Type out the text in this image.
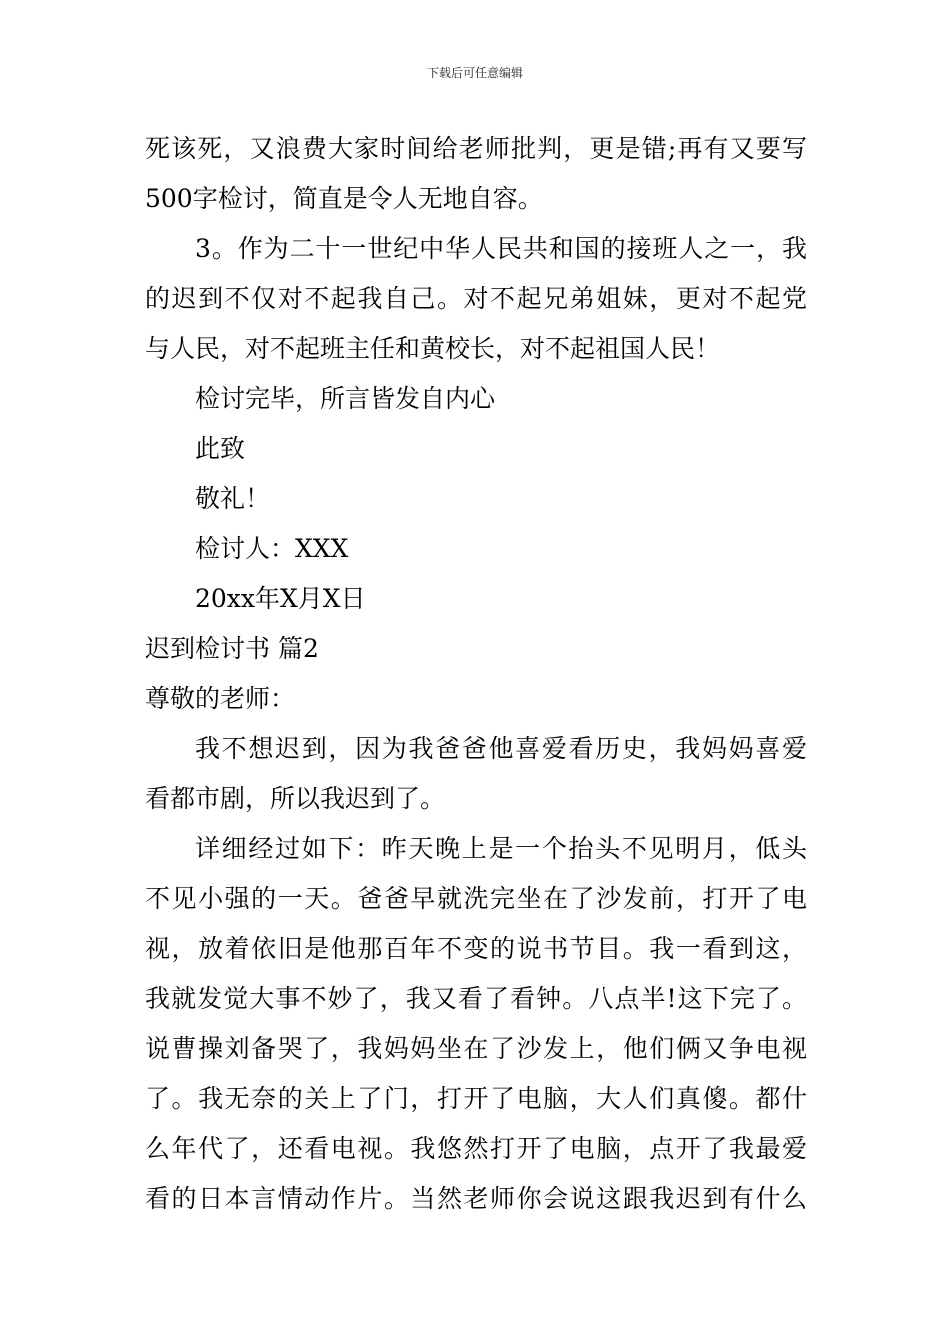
下载后可任意编辑
死该死，又浪费大家时间给老师批判，更是错;再有又要写
500字检讨，简直是令人无地自容。
3。作为二十一世纪中华人民共和国的接班人之一，我
的迟到不仅对不起我自己。对不起兄弟姐妹，更对不起党
与人民，对不起班主任和黄校长，对不起祖国人民！
检讨完毕，所言皆发自内心
此致
敬礼！
检讨人：XXX
20xx年X月X日
迟到检讨书 篇2
尊敬的老师：
我不想迟到，因为我爸爸他喜爱看历史，我妈妈喜爱
看都市剧，所以我迟到了。
详细经过如下：昨天晚上是一个抬头不见明月，低头
不见小强的一天。爸爸早就洗完坐在了沙发前，打开了电
视，放着依旧是他那百年不变的说书节目。我一看到这，
我就发觉大事不妙了，我又看了看钟。八点半!这下完了。
说曹操刘备哭了，我妈妈坐在了沙发上，他们俩又争电视
了。我无奈的关上了门，打开了电脑，大人们真傻。都什
么年代了，还看电视。我悠然打开了电脑，点开了我最爱
看的日本言情动作片。当然老师你会说这跟我迟到有什么
